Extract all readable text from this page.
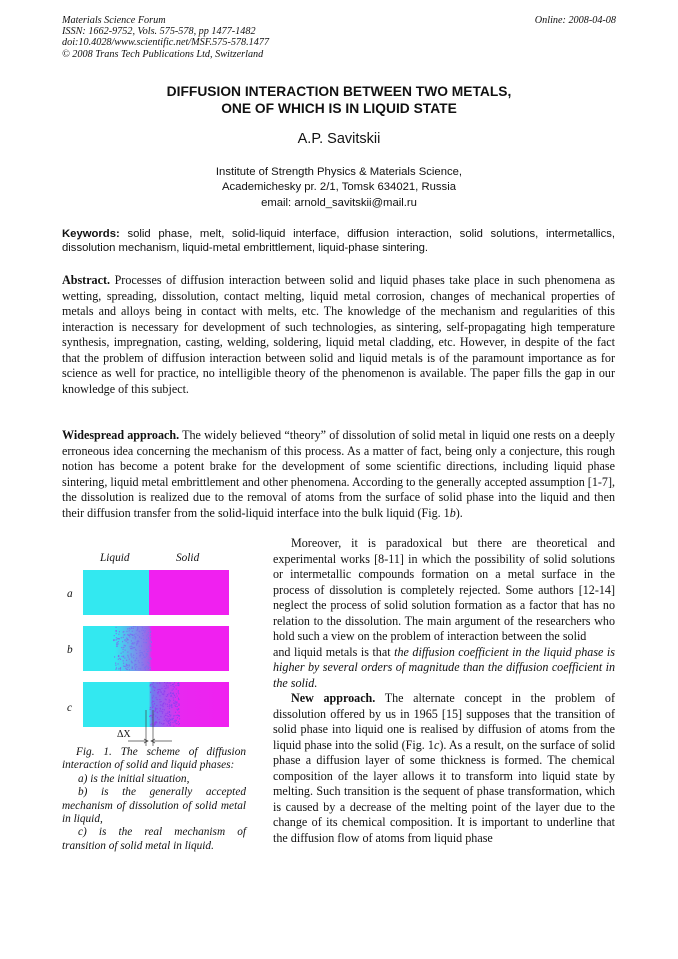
Materials Science Forum
ISSN: 1662-9752, Vols. 575-578, pp 1477-1482
doi:10.4028/www.scientific.net/MSF.575-578.1477
© 2008 Trans Tech Publications Ltd, Switzerland
Online: 2008-04-08
DIFFUSION INTERACTION BETWEEN TWO METALS,
ONE OF WHICH IS IN LIQUID STATE
A.P. Savitskii
Institute of Strength Physics & Materials Science,
Academichesky pr. 2/1, Tomsk 634021, Russia
email: arnold_savitskii@mail.ru
Keywords: solid phase, melt, solid-liquid interface, diffusion interaction, solid solutions, intermetallics, dissolution mechanism, liquid-metal embrittlement, liquid-phase sintering.
Abstract. Processes of diffusion interaction between solid and liquid phases take place in such phenomena as wetting, spreading, dissolution, contact melting, liquid metal corrosion, changes of mechanical properties of metals and alloys being in contact with melts, etc. The knowledge of the mechanism and regularities of this interaction is necessary for development of such technologies, as sintering, self-propagating high temperature synthesis, impregnation, casting, welding, soldering, liquid metal cladding, etc. However, in despite of the fact that the problem of diffusion interaction between solid and liquid metals is of the paramount importance as for science as well for practice, no intelligible theory of the phenomenon is available. The paper fills the gap in our knowledge of this subject.
Widespread approach. The widely believed “theory” of dissolution of solid metal in liquid one rests on a deeply erroneous idea concerning the mechanism of this process. As a matter of fact, being only a conjecture, this rough notion has become a potent brake for the development of some scientific directions, including liquid phase sintering, liquid metal embrittlement and other phenomena. According to the generally accepted assumption [1-7], the dissolution is realized due to the removal of atoms from the surface of solid phase into the liquid and then their diffusion transfer from the solid-liquid interface into the bulk liquid (Fig. 1b).

Moreover, it is paradoxical but there are theoretical and experimental works [8-11] in which the possibility of solid solutions or intermetallic compounds formation on a metal surface in the process of dissolution is completely rejected. Some authors [12-14] neglect the process of solid solution formation as a factor that has no relation to the dissolution. The main argument of the researchers who hold such a view on the problem of interaction between the solid

and liquid metals is that the diffusion coefficient in the liquid phase is higher by several orders of magnitude than the diffusion coefficient in the solid.

New approach. The alternate concept in the problem of dissolution offered by us in 1965 [15] supposes that the transition of solid phase into liquid one is realised by diffusion of atoms from the liquid phase into the solid (Fig. 1c). As a result, on the surface of solid phase a diffusion layer of some thickness is formed. The chemical composition of the layer allows it to transform into liquid state by melting. Such transition is the sequent of phase transformation, which is caused by a decrease of the melting point of the layer due to the change of its chemical composition. It is important to underline that the diffusion flow of atoms from liquid phase

Liquid	Solid
a
b
c
ΔX

Fig. 1. The scheme of diffusion interaction of solid and liquid phases:

a) is the initial situation,

b) is the generally accepted mechanism of dissolution of solid metal in liquid,

c) is the real mechanism of transition of solid metal in liquid.
